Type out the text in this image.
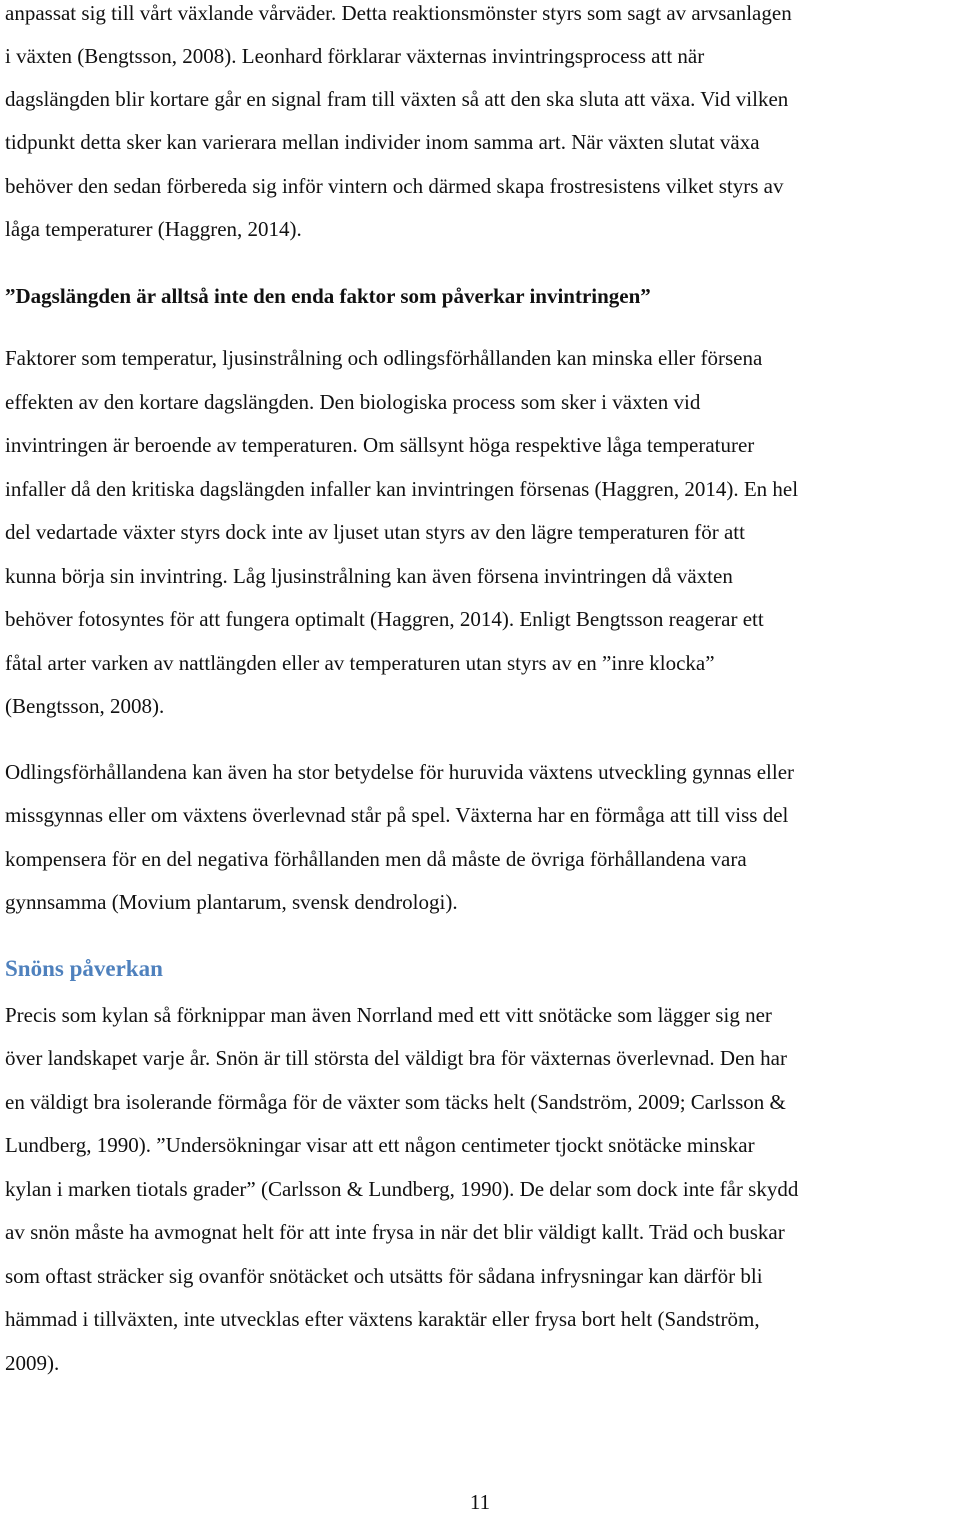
anpassat sig till vårt växlande vårväder. Detta reaktionsmönster styrs som sagt av arvsanlagen
i växten (Bengtsson, 2008). Leonhard förklarar växternas invintringsprocess att när
dagslängden blir kortare går en signal fram till växten så att den ska sluta att växa. Vid vilken
tidpunkt detta sker kan varierara mellan individer inom samma art. När växten slutat växa
behöver den sedan förbereda sig inför vintern och därmed skapa frostresistens vilket styrs av
låga temperaturer (Haggren, 2014).
”Dagslängden är alltså inte den enda faktor som påverkar invintringen”
Faktorer som temperatur, ljusinstrålning och odlingsförhållanden kan minska eller försena
effekten av den kortare dagslängden. Den biologiska process som sker i växten vid
invintringen är beroende av temperaturen. Om sällsynt höga respektive låga temperaturer
infaller då den kritiska dagslängden infaller kan invintringen försenas (Haggren, 2014). En hel
del vedartade växter styrs dock inte av ljuset utan styrs av den lägre temperaturen för att
kunna börja sin invintring. Låg ljusinstrålning kan även försena invintringen då växten
behöver fotosyntes för att fungera optimalt (Haggren, 2014). Enligt Bengtsson reagerar ett
fåtal arter varken av nattlängden eller av temperaturen utan styrs av en ”inre klocka”
(Bengtsson, 2008).
Odlingsförhållandena kan även ha stor betydelse för huruvida växtens utveckling gynnas eller
missgynnas eller om växtens överlevnad står på spel. Växterna har en förmåga att till viss del
kompensera för en del negativa förhållanden men då måste de övriga förhållandena vara
gynnsamma (Movium plantarum, svensk dendrologi).
Snöns påverkan
Precis som kylan så förknippar man även Norrland med ett vitt snötäcke som lägger sig ner
över landskapet varje år. Snön är till största del väldigt bra för växternas överlevnad. Den har
en väldigt bra isolerande förmåga för de växter som täcks helt (Sandström, 2009; Carlsson &
Lundberg, 1990). ”Undersökningar visar att ett någon centimeter tjockt snötäcke minskar
kylan i marken tiotals grader” (Carlsson & Lundberg, 1990). De delar som dock inte får skydd
av snön måste ha avmognat helt för att inte frysa in när det blir väldigt kallt. Träd och buskar
som oftast sträcker sig ovanför snötäcket och utsätts för sådana infrysningar kan därför bli
hämmad i tillväxten, inte utvecklas efter växtens karaktär eller frysa bort helt (Sandström,
2009).
11
